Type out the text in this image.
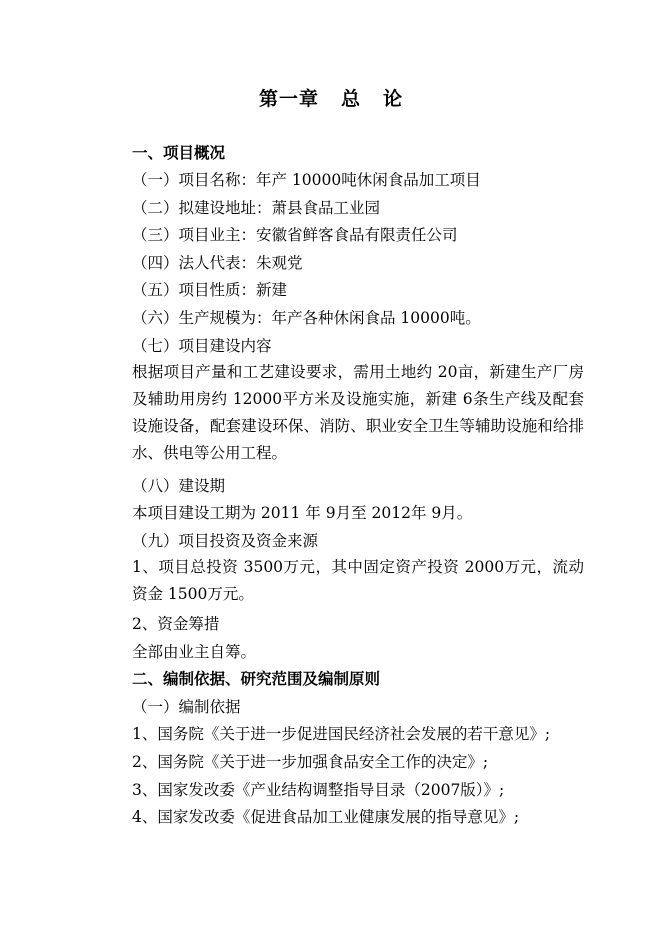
第一章 总 论
一、项目概况
（一）项目名称：年产 10000吨休闲食品加工项目
（二）拟建设地址：萧县食品工业园
（三）项目业主：安徽省鲜客食品有限责任公司
（四）法人代表：朱观党
（五）项目性质：新建
（六）生产规模为：年产各种休闲食品 10000吨。
（七）项目建设内容
根据项目产量和工艺建设要求，需用土地约 20亩，新建生产厂房及辅助用房约 12000平方米及设施实施，新建 6条生产线及配套设施设备，配套建设环保、消防、职业安全卫生等辅助设施和给排水、供电等公用工程。
（八）建设期
本项目建设工期为 2011 年 9月至 2012年 9月。
（九）项目投资及资金来源
1、项目总投资 3500万元，其中固定资产投资 2000万元，流动资金 1500万元。
2、资金筹措
全部由业主自筹。
二、编制依据、研究范围及编制原则
（一）编制依据
1、国务院《关于进一步促进国民经济社会发展的若干意见》;
2、国务院《关于进一步加强食品安全工作的决定》;
3、国家发改委《产业结构调整指导目录（2007版）》;
4、国家发改委《促进食品加工业健康发展的指导意见》;
